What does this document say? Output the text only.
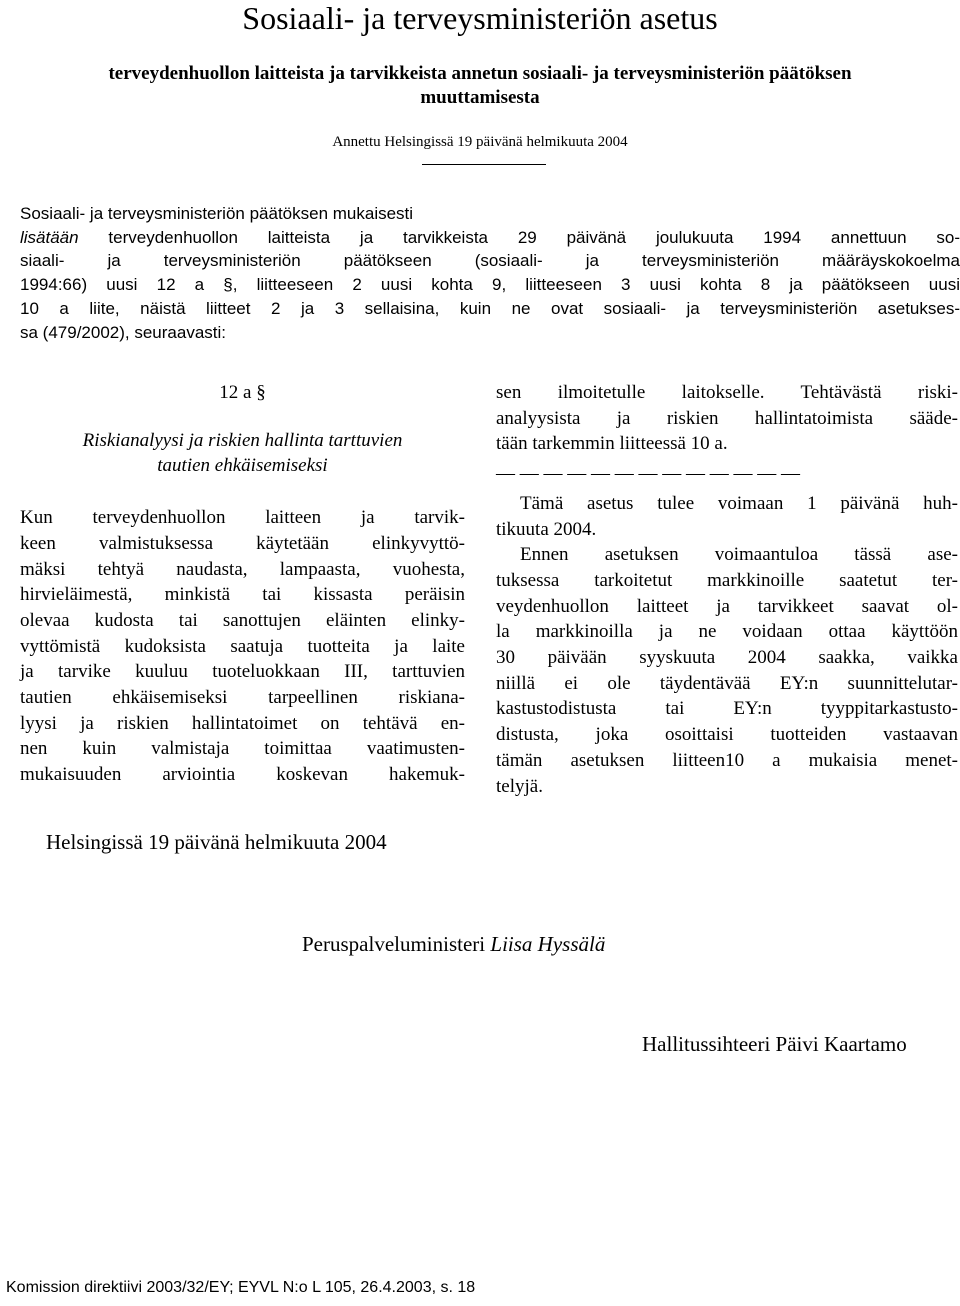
Sosiaali- ja terveysministeriön asetus
terveydenhuollon laitteista ja tarvikkeista annetun sosiaali- ja terveysministeriön päätöksen
muuttamisesta
Annettu Helsingissä 19 päivänä helmikuuta 2004
Sosiaali- ja terveysministeriön päätöksen mukaisesti
lisätään terveydenhuollon laitteista ja tarvikkeista 29 päivänä joulukuuta 1994 annettuun so-
siaali- ja terveysministeriön päätökseen (sosiaali- ja terveysministeriön määräyskokoelma
1994:66) uusi 12 a §, liitteeseen 2 uusi kohta 9, liitteeseen 3 uusi kohta 8 ja päätökseen uusi
10 a liite, näistä liitteet 2 ja 3 sellaisina, kuin ne ovat sosiaali- ja terveysministeriön asetukses-
sa (479/2002), seuraavasti:
12 a §
Riskianalyysi ja riskien hallinta tarttuvien
tautien ehkäisemiseksi
Kun terveydenhuollon laitteen ja tarvik-
keen valmistuksessa käytetään elinkyvyttö-
mäksi tehtyä naudasta, lampaasta, vuohesta,
hirvieläimestä, minkistä tai kissasta peräisin
olevaa kudosta tai sanottujen eläinten elinky-
vyttömistä kudoksista saatuja tuotteita ja laite
ja tarvike kuuluu tuoteluokkaan III, tarttuvien
tautien ehkäisemiseksi tarpeellinen riskiana-
lyysi ja riskien hallintatoimet on tehtävä en-
nen kuin valmistaja toimittaa vaatimusten-
mukaisuuden arviointia koskevan hakemuk-
sen ilmoitetulle laitokselle. Tehtävästä riski-
analyysista ja riskien hallintatoimista sääde-
tään tarkemmin liitteessä 10 a.
— — — — — — — — — — — — —
Tämä asetus tulee voimaan 1 päivänä huh-
tikuuta 2004.
Ennen asetuksen voimaantuloa tässä ase-
tuksessa tarkoitetut markkinoille saatetut ter-
veydenhuollon laitteet ja tarvikkeet saavat ol-
la markkinoilla ja ne voidaan ottaa käyttöön
30 päivään syyskuuta 2004 saakka, vaikka
niillä ei ole täydentävää EY:n suunnittelutar-
kastustodistusta tai EY:n tyyppitarkastusto-
distusta, joka osoittaisi tuotteiden vastaavan
tämän asetuksen liitteen10 a mukaisia menet-
telyjä.
Helsingissä 19 päivänä helmikuuta 2004
Peruspalveluministeri Liisa Hyssälä
Hallitussihteeri Päivi Kaartamo
Komission direktiivi 2003/32/EY; EYVL N:o L 105, 26.4.2003, s. 18
